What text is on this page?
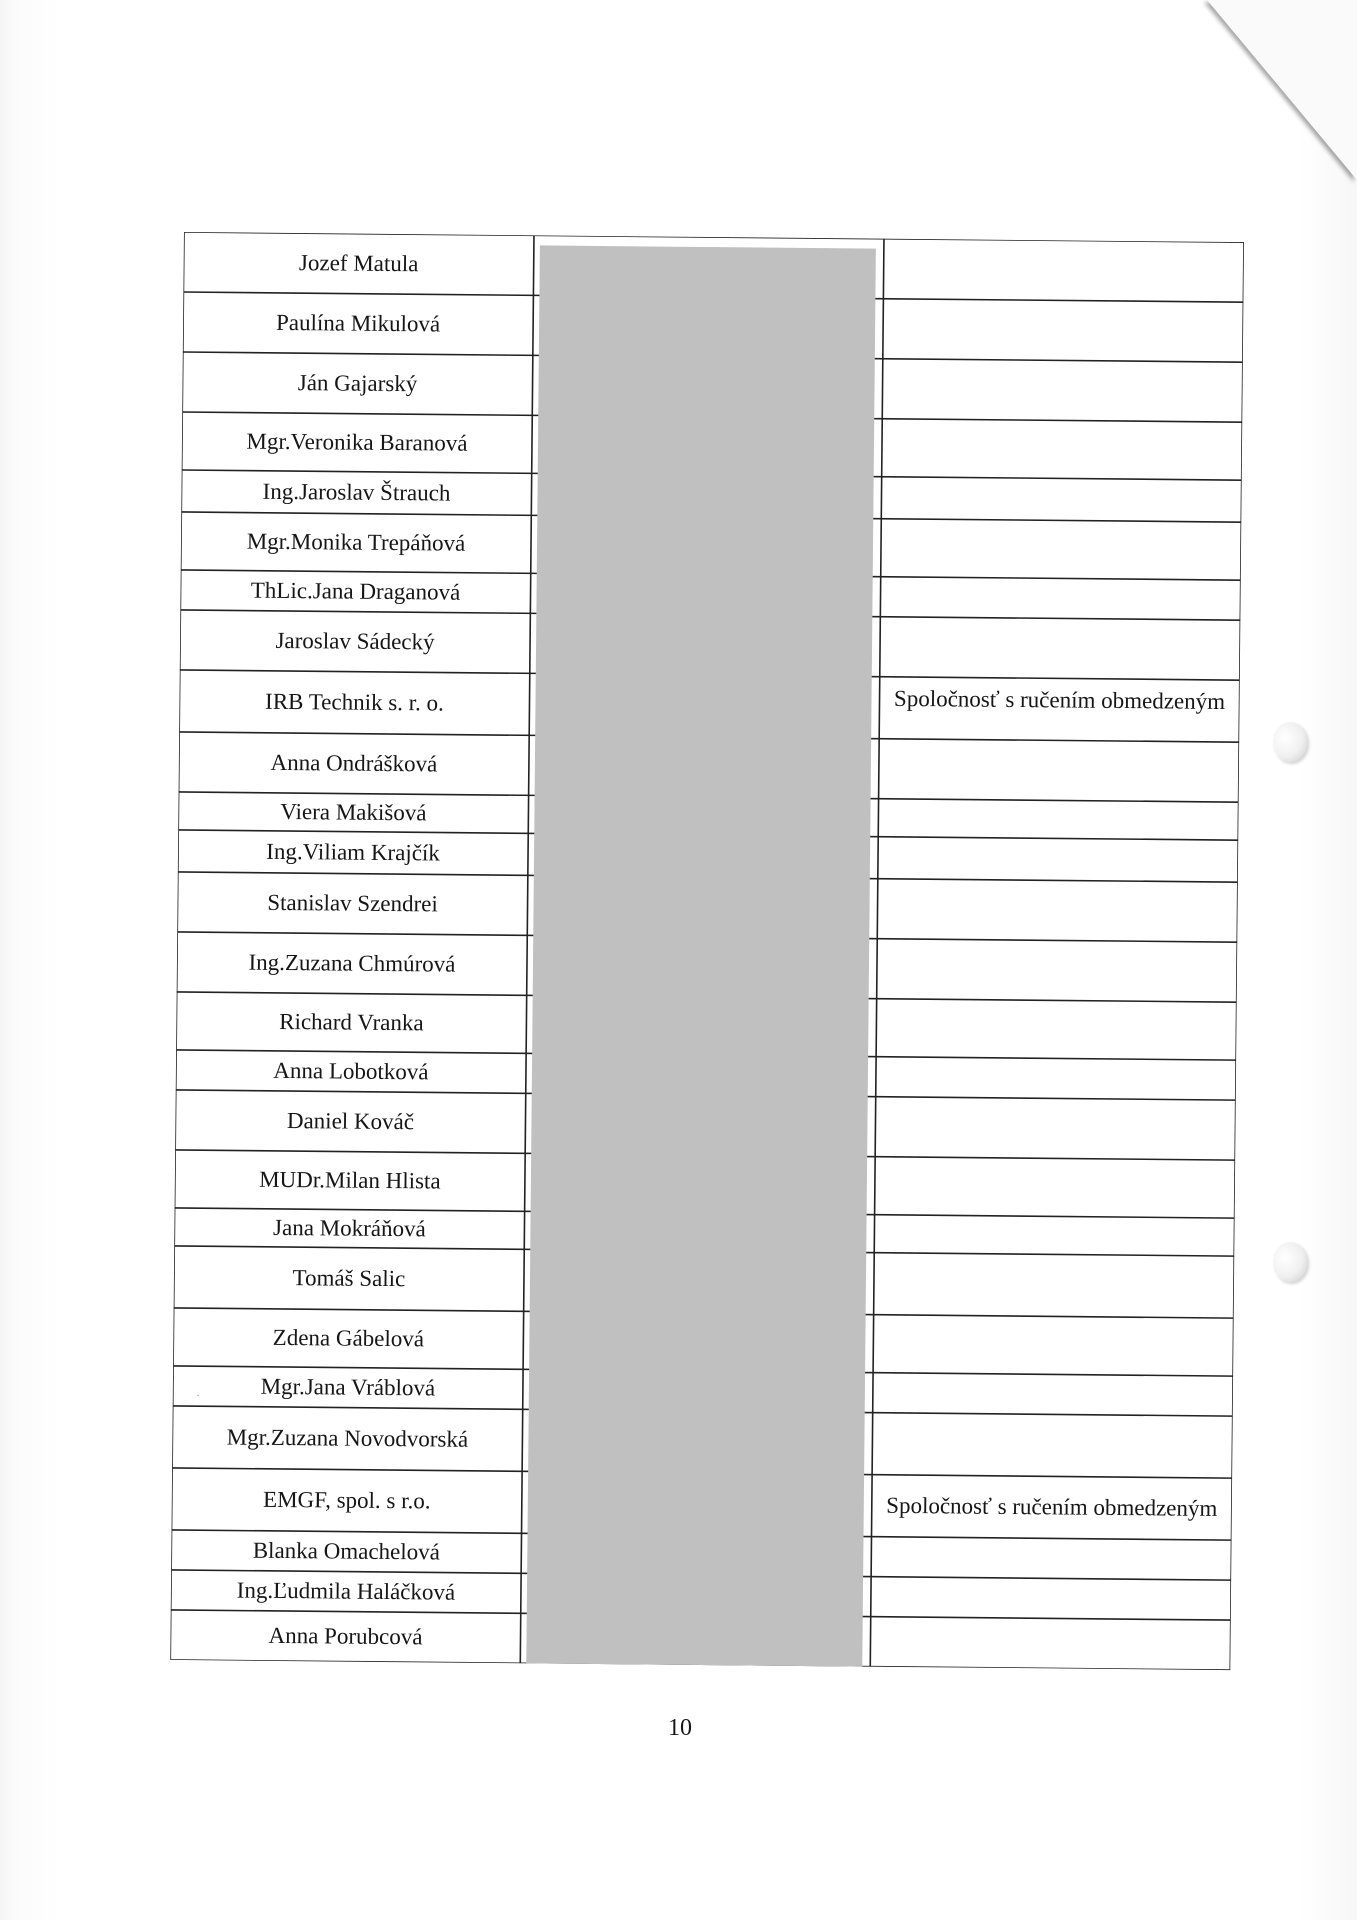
Jozef Matula
Paulína Mikulová
Ján Gajarský
Mgr.Veronika Baranová
Ing.Jaroslav Štrauch
Mgr.Monika Trepáňová
ThLic.Jana Draganová
Jaroslav Sádecký
IRB Technik s. r. o.
Anna Ondrášková
Viera Makišová
Ing.Viliam Krajčík
Stanislav Szendrei
Ing.Zuzana Chmúrová
Richard Vranka
Anna Lobotková
Daniel Kováč
MUDr.Milan Hlista
Jana Mokráňová
Tomáš Salic
Zdena Gábelová
Mgr.Jana Vráblová
Mgr.Zuzana Novodvorská
EMGF, spol. s r.o.
Blanka Omachelová
Ing.Ľudmila Haláčková
Anna Porubcová
Spoločnosť s ručením obmedzeným
Spoločnosť s ručením obmedzeným
10
·
